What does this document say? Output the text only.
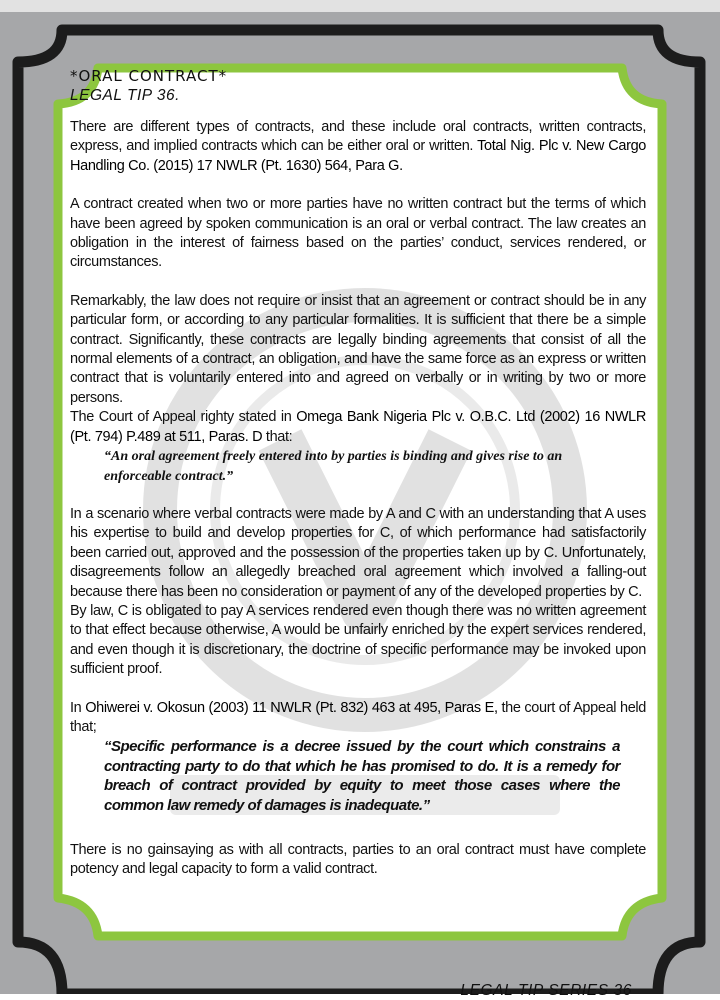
*ORAL CONTRACT*

LEGAL TIP 36.

There are different types of contracts, and these include oral contracts, written contracts, express, and implied contracts which can be either oral or written. Total Nig. Plc v. New Cargo Handling Co. (2015) 17 NWLR (Pt. 1630) 564, Para G.

A contract created when two or more parties have no written contract but the terms of which have been agreed by spoken communication is an oral or verbal contract. The law creates an obligation in the interest of fairness based on the parties’ conduct, services rendered, or circumstances.

Remarkably, the law does not require or insist that an agreement or contract should be in any particular form, or according to any particular formalities. It is sufficient that there be a simple contract. Significantly, these contracts are legally binding agreements that consist of all the normal elements of a contract, an obligation, and have the same force as an express or written contract that is voluntarily entered into and agreed on verbally or in writing by two or more persons.

The Court of Appeal righty stated in Omega Bank Nigeria Plc v. O.B.C. Ltd (2002) 16 NWLR (Pt. 794) P.489 at 511, Paras. D that:

“An oral agreement freely entered into by parties is binding and gives rise to an enforceable contract.”

In a scenario where verbal contracts were made by A and C with an understanding that A uses his expertise to build and develop properties for C, of which performance had satisfactorily been carried out, approved and the possession of the properties taken up by C. Unfortunately, disagreements follow an allegedly breached oral agreement which involved a falling-out because there has been no consideration or payment of any of the developed properties by C.

By law, C is obligated to pay A services rendered even though there was no written agreement to that effect because otherwise, A would be unfairly enriched by the expert services rendered, and even though it is discretionary, the doctrine of specific performance may be invoked upon sufficient proof.

In Ohiwerei v. Okosun (2003) 11 NWLR (Pt. 832) 463 at 495, Paras E, the court of Appeal held that;

“Specific performance is a decree issued by the court which constrains a contracting party to do that which he has promised to do. It is a remedy for breach of contract provided by equity to meet those cases where the common law remedy of damages is inadequate.”

There is no gainsaying as with all contracts, parties to an oral contract must have complete potency and legal capacity to form a valid contract.

LEGAL TIP SERIES 36
